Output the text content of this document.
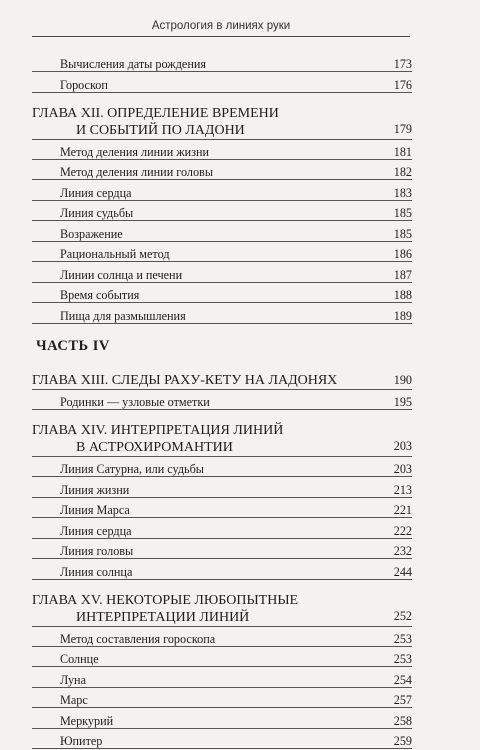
Астрология в линиях руки
Вычисления даты рождения	173
Гороскоп	176
ГЛАВА XII. ОПРЕДЕЛЕНИЕ ВРЕМЕНИ
И СОБЫТИЙ ПО ЛАДОНИ	179
Метод деления линии жизни	181
Метод деления линии головы	182
Линия сердца	183
Линия судьбы	185
Возражение	185
Рациональный метод	186
Линии солнца и печени	187
Время события	188
Пища для размышления	189
ЧАСТЬ IV
ГЛАВА XIII. СЛЕДЫ РАХУ-КЕТУ НА ЛАДОНЯХ	190
Родинки — узловые отметки	195
ГЛАВА XIV. ИНТЕРПРЕТАЦИЯ ЛИНИЙ
В АСТРОХИРОМАНТИИ	203
Линия Сатурна, или судьбы	203
Линия жизни	213
Линия Марса	221
Линия сердца	222
Линия головы	232
Линия солнца	244
ГЛАВА XV. НЕКОТОРЫЕ ЛЮБОПЫТНЫЕ
ИНТЕРПРЕТАЦИИ ЛИНИЙ	252
Метод составления гороскопа	253
Солнце	253
Луна	254
Марс	257
Меркурий	258
Юпитер	259
